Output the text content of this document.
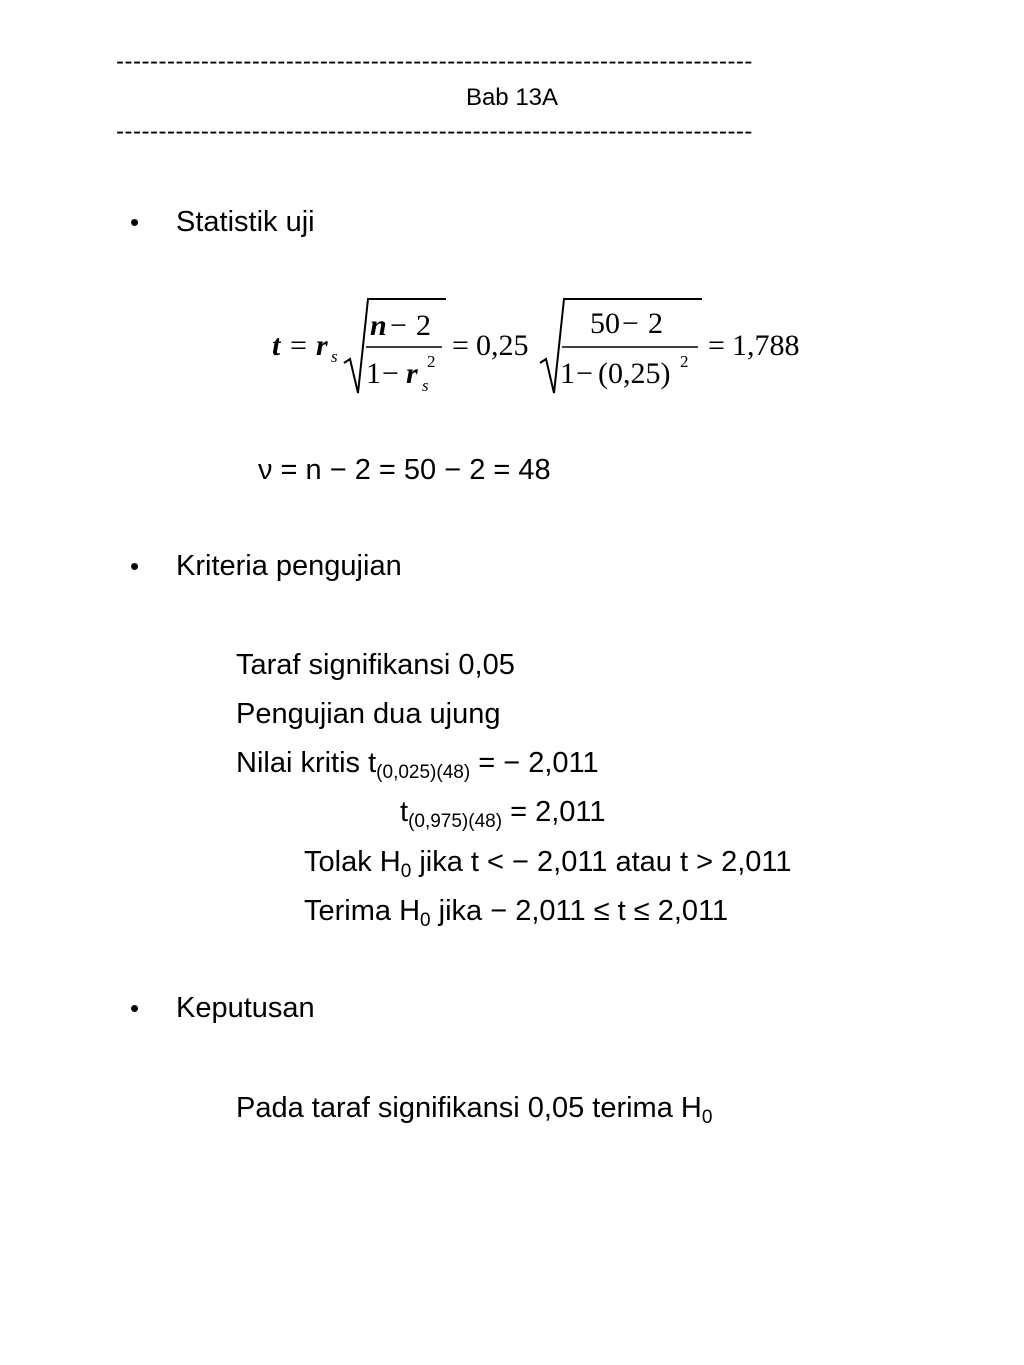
---------------------------------------------------------------------------
Bab 13A
---------------------------------------------------------------------------
• Statistik uji
t = r s
n − 2
1 − r 2
s
= 0,25
50 − 2
1 − (0,25) 2 = 1,788
ν = n − 2 = 50 − 2 = 48
• Kriteria pengujian
Taraf signifikansi 0,05
Pengujian dua ujung
Nilai kritis $t_{(0,025)(48)}$ = − 2,011
$t_{(0,975)(48)} = 2,011$
Tolak $H_0$ jika t < − 2,011 atau t > 2,011
Terima $H_0$ jika − 2,011 ≤ t ≤ 2,011
• Keputusan
Pada taraf signifikansi 0,05 terima $H_0$
